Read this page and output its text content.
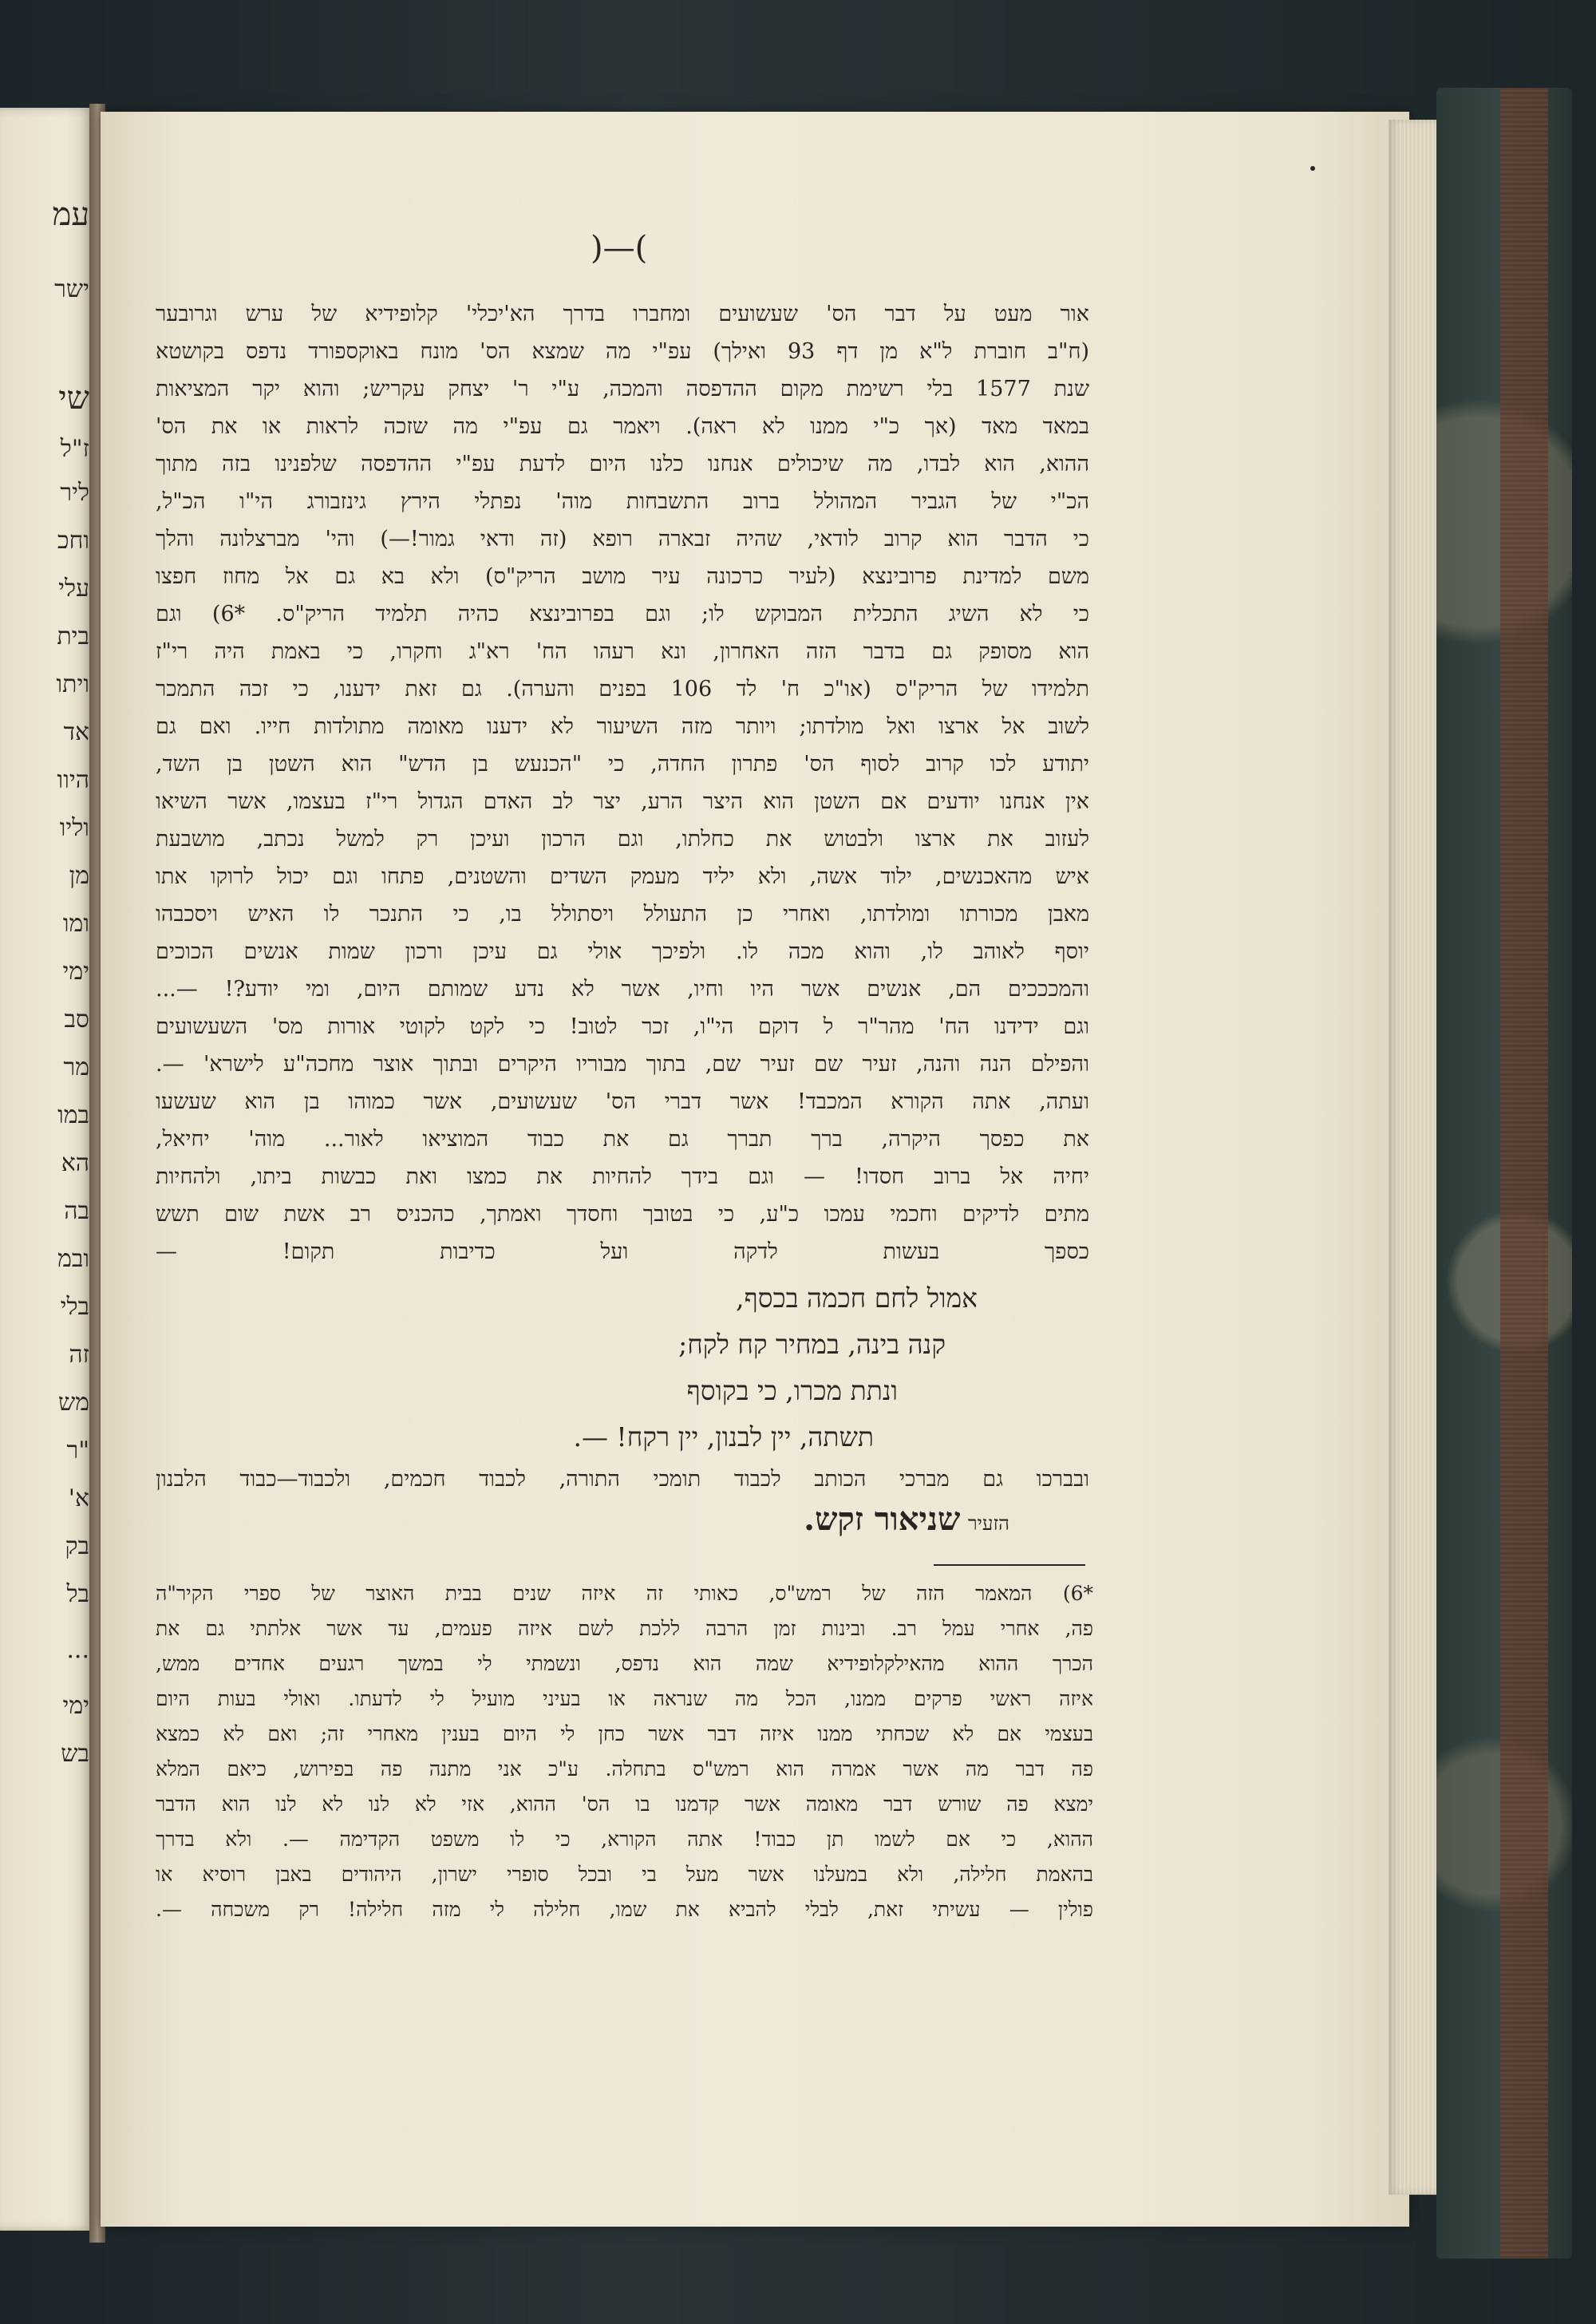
עמ
ישר
שי
ז"ל
ליר
וחכ
עלי
בית
ויתו
אד
היוו
וליו
מן
ומו
ימי
סב
מר
במו
הא
בה
ובמ
בלי
זה
מש
"ר
א'
בק
בל
...
ימי
בש
)—(
אור מעט על דבר הס' שעשועים ומחברו בדרך הא'יכלי' קלופידיא של ערש וגרובער
(ח"ב חוברת ל"א מן דף 93 ואילך) עפ"י מה שמצא הס' מונח באוקספורד נדפס בקושטא
שנת 1577 בלי רשימת מקום ההדפסה והמכה, ע"י ר' יצחק עקריש; והוא יקר המציאות
במאד מאד (אך כ"י ממנו לא ראה). ויאמר גם עפ"י מה שזכה לראות או את הס'
ההוא, הוא לבדו, מה שיכולים אנחנו כלנו היום לדעת עפ"י ההדפסה שלפנינו בזה מתוך
הכ"י של הגביר המהולל ברוב התשבחות מוה' נפתלי הירץ גינזבורג הי"ו הכ"ל,
כי הדבר הוא קרוב לודאי, שהיה זבארה רופא (זה ודאי גמור!—) והי' מברצלונה והלך
משם למדינת פרובינצא (לעיר כרכונה עיר מושב הריק"ס) ולא בא גם אל מחוז חפצו
כי לא השיג התכלית המבוקש לו; וגם בפרובינצא כהיה תלמיד הריק"ס. *6) וגם
הוא מסופק גם בדבר הזה האחרון, ונא רעהו הח' רא"ג וחקרו, כי באמת היה רי"ז
תלמידו של הריק"ס (או"כ ח' לד 106 בפנים והערה). גם זאת ידענו, כי זכה התמכר
לשוב אל ארצו ואל מולדתו; ויותר מזה השיעור לא ידענו מאומה מתולדות חייו. ואם גם
יתודע לכו קרוב לסוף הס' פתרון החדה, כי "הכנעש בן הדש" הוא השטן בן השד,
אין אנחנו יודעים אם השטן הוא היצר הרע, יצר לב האדם הגדול רי"ז בעצמו, אשר השיאו
לעזוב את ארצו ולבטוש את כחלתו, וגם הרכון ועיכן רק למשל נכתב, מושבעת
איש מהאכנשים, ילוד אשה, ולא יליד מעמק השדים והשטנים, פתחו וגם יכול לרוקו אתו
מאבן מכורתו ומולדתו, ואחרי כן התעולל ויסתולל בו, כי התנכר לו האיש ויסכבהו
יוסף לאוהב לו, והוא מכה לו. ולפיכך אולי גם עיכן ורכון שמות אנשים הכוכים
והמכככים הם, אנשים אשר היו וחיו, אשר לא נדע שמותם היום, ומי יודע?! —...
וגם ידידנו הח' מהר"ר ל דוקם הי"ו, זכר לטוב! כי לקט לקוטי אורות מס' השעשועים
והפילם הנה והנה, זעיר שם זעיר שם, בתוך מבוריו היקרים ובתוך אוצר מחכה"ע לישרא' —.
ועתה, אתה הקורא המכבד! אשר דברי הס' שעשועים, אשר כמוהו בן הוא שעשעו
את כפסך היקרה, ברך תברך גם את כבוד המוציאו לאור... מוה' יחיאל,
יחיה אל ברוב חסדו! — וגם בידך להחיות את כמצו ואת כבשות ביתו, ולהחיות
מתים לדיקים וחכמי עמכו כ"ע, כי בטובך וחסדך ואמתך, כהכניס רב אשת שום תשש
כספך בעשות לדקה ועל כדיבות תקום! —
אמול לחם חכמה בכסף,
קנה בינה, במחיר קח לקח;
ונתת מכרו, כי בקוסף
תשתה, יין לבנון, יין רקח! —.
ובברכו גם מברכי הכותב לכבוד תומכי התורה, לכבוד חכמים, ולכבוד—כבוד הלבנון
הזעיר שניאור זקש.
*6) המאמר הזה של רמש"ס, כאותי זה איזה שנים בבית האוצר של ספרי הקיר"ה
פה, אחרי עמל רב. ובינות זמן הרבה ללכת לשם איזה פעמים, עד אשר אלתתי גם את
הכרך ההוא מהאילקלופידיא שמה הוא נדפס, ונשמתי לי במשך רגעים אחדים ממש,
איזה ראשי פרקים ממנו, הכל מה שנראה או בעיני מועיל לי לדעתו. ואולי בעות היום
בעצמי אם לא שכחתי ממנו איזה דבר אשר כחן לי היום בענין מאחרי זה; ואם לא כמצא
פה דבר מה אשר אמרה הוא רמש"ס בתחלה. ע"כ אני מתנה פה בפירוש, כיאם המלא
ימצא פה שורש דבר מאומה אשר קדמנו בו הס' ההוא, אזי לא לנו לא לנו הוא הדבר
ההוא, כי אם לשמו תן כבוד! אתה הקורא, כי לו משפט הקדימה —. ולא בדרך
בהאמת חלילה, ולא במעלנו אשר מעל בי ובכל סופרי ישרון, היהודים באבן רוסיא או
פולין — עשיתי זאת, לבלי להביא את שמו, חלילה לי מזה חלילה! רק משכחה —.
